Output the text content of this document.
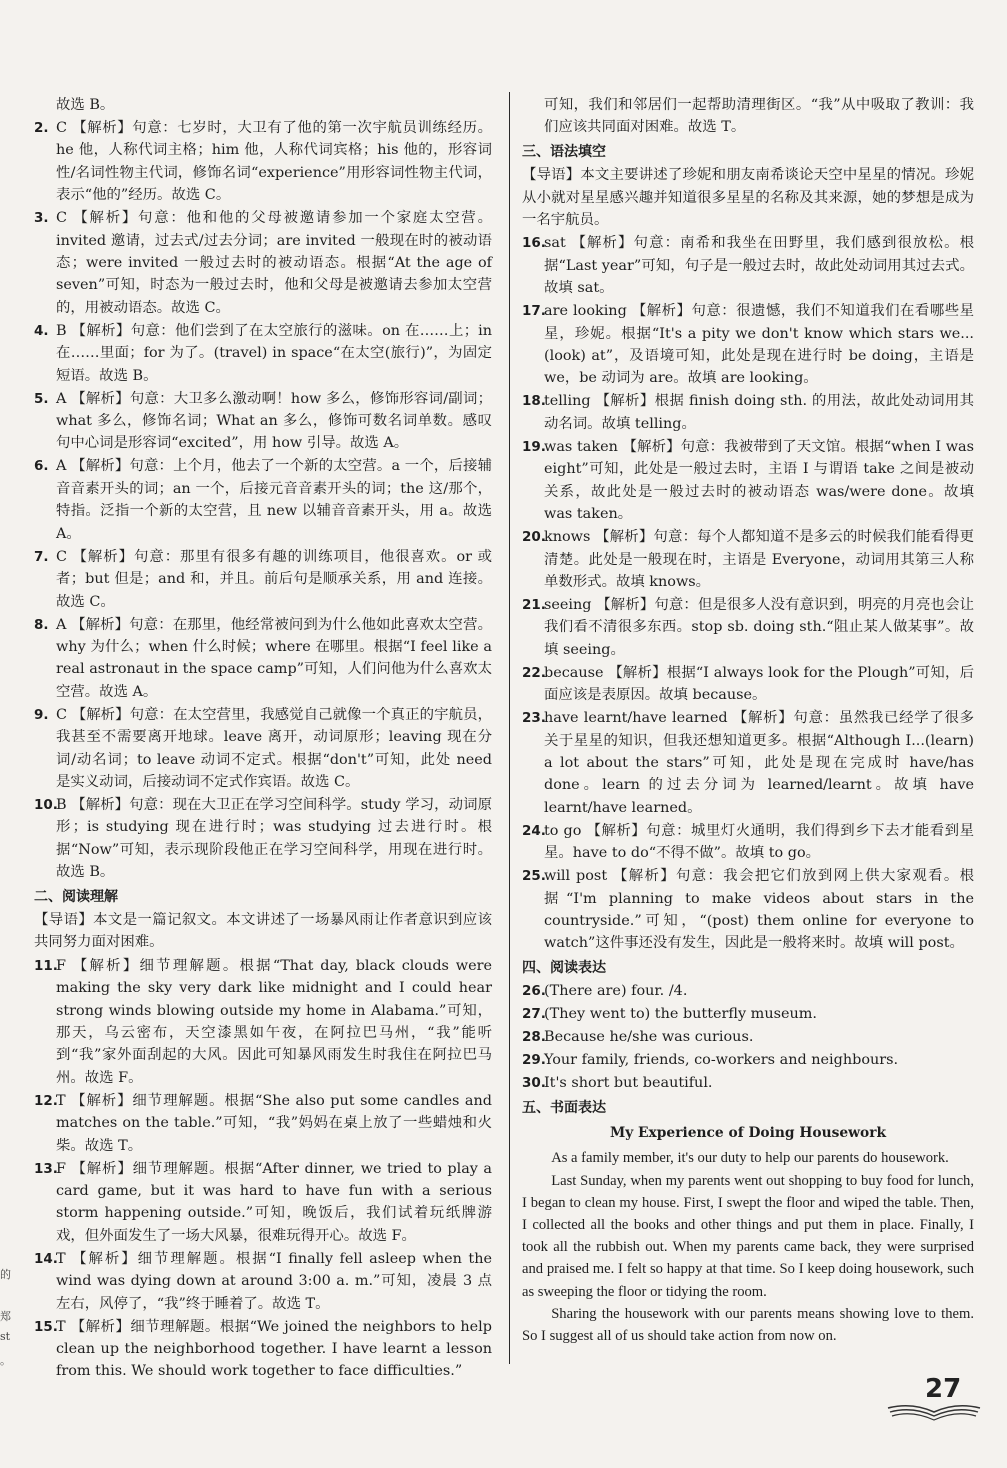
故选 B。
2. C 【解析】句意：七岁时，大卫有了他的第一次宇航员训练经历。he 他，人称代词主格；him 他，人称代词宾格；his 他的，形容词性/名词性物主代词，修饰名词“experience”用形容词性物主代词，表示“他的”经历。故选 C。
3. C 【解析】句意：他和他的父母被邀请参加一个家庭太空营。invited 邀请，过去式/过去分词；are invited 一般现在时的被动语态；were invited 一般过去时的被动语态。根据“At the age of seven”可知，时态为一般过去时，他和父母是被邀请去参加太空营的，用被动语态。故选 C。
4. B 【解析】句意：他们尝到了在太空旅行的滋味。on 在……上；in 在……里面；for 为了。(travel) in space“在太空(旅行)”，为固定短语。故选 B。
5. A 【解析】句意：大卫多么激动啊！how 多么，修饰形容词/副词；what 多么，修饰名词；What an 多么，修饰可数名词单数。感叹句中心词是形容词“excited”，用 how 引导。故选 A。
6. A 【解析】句意：上个月，他去了一个新的太空营。a 一个，后接辅音音素开头的词；an 一个，后接元音音素开头的词；the 这/那个，特指。泛指一个新的太空营，且 new 以辅音音素开头，用 a。故选 A。
7. C 【解析】句意：那里有很多有趣的训练项目，他很喜欢。or 或者；but 但是；and 和，并且。前后句是顺承关系，用 and 连接。故选 C。
8. A 【解析】句意：在那里，他经常被问到为什么他如此喜欢太空营。why 为什么；when 什么时候；where 在哪里。根据“I feel like a real astronaut in the space camp”可知，人们问他为什么喜欢太空营。故选 A。
9. C 【解析】句意：在太空营里，我感觉自己就像一个真正的宇航员，我甚至不需要离开地球。leave 离开，动词原形；leaving 现在分词/动名词；to leave 动词不定式。根据“don't”可知，此处 need 是实义动词，后接动词不定式作宾语。故选 C。
10.
B 【解析】句意：现在大卫正在学习空间科学。study 学习，动词原形；is studying 现在进行时；was studying 过去进行时。根据“Now”可知，表示现阶段他正在学习空间科学，用现在进行时。故选 B。
二、阅读理解
【导语】本文是一篇记叙文。本文讲述了一场暴风雨让作者意识到应该共同努力面对困难。
11.
F 【解析】细节理解题。根据“That day, black clouds were making the sky very dark like midnight and I could hear strong winds blowing outside my home in Alabama.”可知，那天，乌云密布，天空漆黑如午夜，在阿拉巴马州，“我”能听到“我”家外面刮起的大风。因此可知暴风雨发生时我住在阿拉巴马州。故选 F。
12.
T 【解析】细节理解题。根据“She also put some candles and matches on the table.”可知，“我”妈妈在桌上放了一些蜡烛和火柴。故选 T。
13.
F 【解析】细节理解题。根据“After dinner, we tried to play a card game, but it was hard to have fun with a serious storm happening outside.”可知，晚饭后，我们试着玩纸牌游戏，但外面发生了一场大风暴，很难玩得开心。故选 F。
14.
T 【解析】细节理解题。根据“I finally fell asleep when the wind was dying down at around 3:00 a. m.”可知，凌晨 3 点左右，风停了，“我”终于睡着了。故选 T。
15.
T 【解析】细节理解题。根据“We joined the neighbors to help clean up the neighborhood together. I have learnt a lesson from this. We should work together to face difficulties.”
可知，我们和邻居们一起帮助清理街区。“我”从中吸取了教训：我们应该共同面对困难。故选 T。
三、语法填空
【导语】本文主要讲述了珍妮和朋友南希谈论天空中星星的情况。珍妮从小就对星星感兴趣并知道很多星星的名称及其来源，她的梦想是成为一名宇航员。
16.
sat 【解析】句意：南希和我坐在田野里，我们感到很放松。根据“Last year”可知，句子是一般过去时，故此处动词用其过去式。故填 sat。
17.
are looking 【解析】句意：很遗憾，我们不知道我们在看哪些星星，珍妮。根据“It's a pity we don't know which stars we...(look) at”，及语境可知，此处是现在进行时 be doing，主语是 we，be 动词为 are。故填 are looking。
18.
telling 【解析】根据 finish doing sth. 的用法，故此处动词用其动名词。故填 telling。
19.
was taken 【解析】句意：我被带到了天文馆。根据“when I was eight”可知，此处是一般过去时，主语 I 与谓语 take 之间是被动关系，故此处是一般过去时的被动语态 was/were done。故填 was taken。
20.
knows 【解析】句意：每个人都知道不是多云的时候我们能看得更清楚。此处是一般现在时，主语是 Everyone，动词用其第三人称单数形式。故填 knows。
21.
seeing 【解析】句意：但是很多人没有意识到，明亮的月亮也会让我们看不清很多东西。stop sb. doing sth.“阻止某人做某事”。故填 seeing。
22.
because 【解析】根据“I always look for the Plough”可知，后面应该是表原因。故填 because。
23.
have learnt/have learned 【解析】句意：虽然我已经学了很多关于星星的知识，但我还想知道更多。根据“Although I...(learn) a lot about the stars”可知，此处是现在完成时 have/has done。learn 的过去分词为 learned/learnt。故填 have learnt/have learned。
24.
to go 【解析】句意：城里灯火通明，我们得到乡下去才能看到星星。have to do“不得不做”。故填 to go。
25.
will post 【解析】句意：我会把它们放到网上供大家观看。根据“I'm planning to make videos about stars in the countryside.”可知，“(post) them online for everyone to watch”这件事还没有发生，因此是一般将来时。故填 will post。
四、阅读表达
26.
(There are) four. /4.
27.
(They went to) the butterfly museum.
28.
Because he/she was curious.
29.
Your family, friends, co-workers and neighbours.
30.
It's short but beautiful.
五、书面表达
My Experience of Doing Housework
As a family member, it's our duty to help our parents do housework.
Last Sunday, when my parents went out shopping to buy food for lunch, I began to clean my house. First, I swept the floor and wiped the table. Then, I collected all the books and other things and put them in place. Finally, I took all the rubbish out. When my parents came back, they were surprised and praised me. I felt so happy at that time. So I keep doing housework, such as sweeping the floor or tidying the room.
Sharing the housework with our parents means showing love to them. So I suggest all of us should take action from now on.
的
郑
st
。
27
